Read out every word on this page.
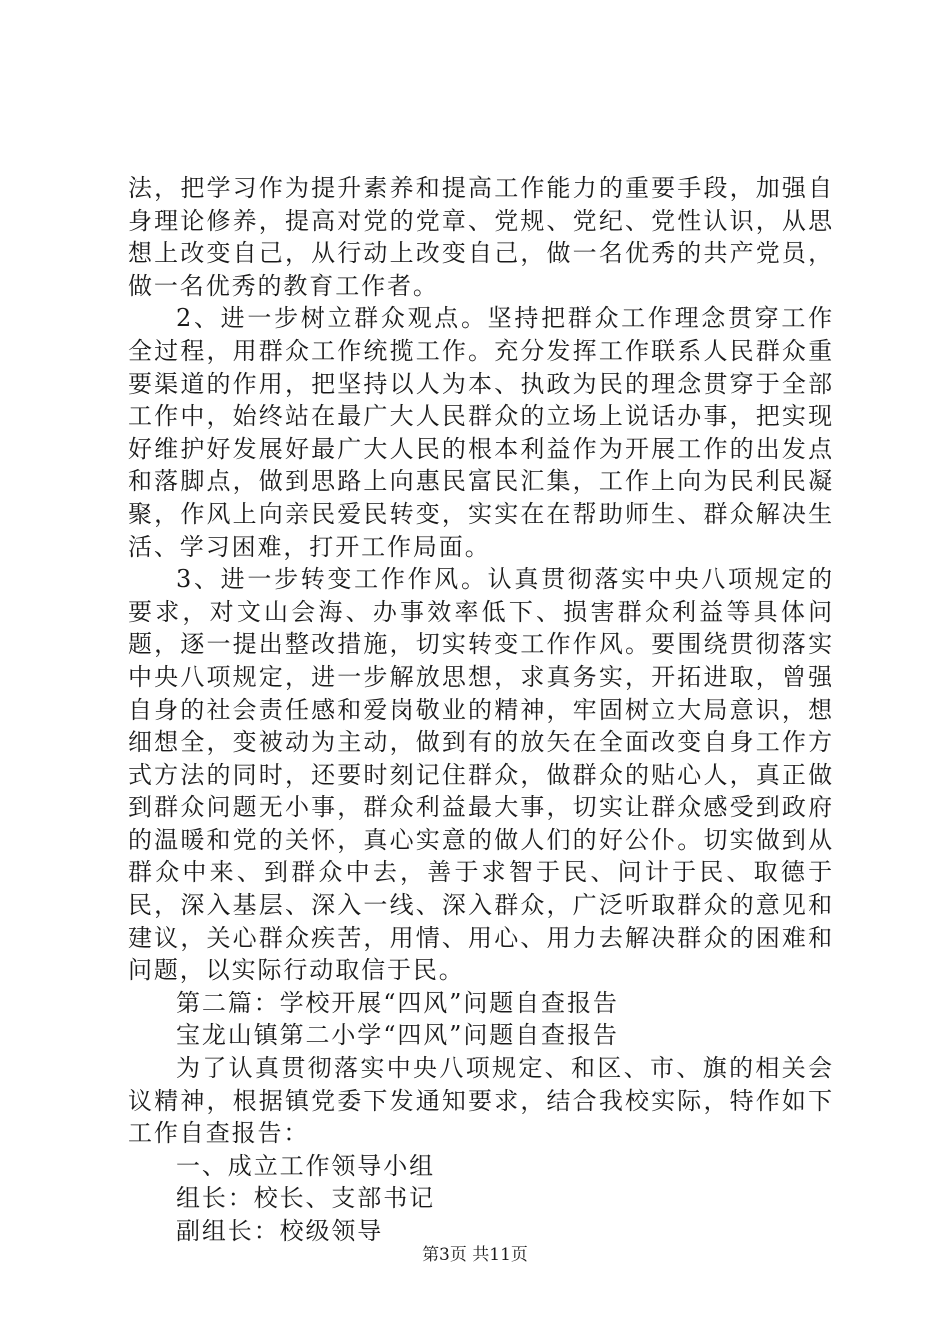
法，把学习作为提升素养和提高工作能力的重要手段，加强自身理论修养，提高对党的党章、党规、党纪、党性认识，从思想上改变自己，从行动上改变自己，做一名优秀的共产党员，做一名优秀的教育工作者。

2、进一步树立群众观点。坚持把群众工作理念贯穿工作全过程，用群众工作统揽工作。充分发挥工作联系人民群众重要渠道的作用，把坚持以人为本、执政为民的理念贯穿于全部工作中，始终站在最广大人民群众的立场上说话办事，把实现好维护好发展好最广大人民的根本利益作为开展工作的出发点和落脚点，做到思路上向惠民富民汇集，工作上向为民利民凝聚，作风上向亲民爱民转变，实实在在帮助师生、群众解决生活、学习困难，打开工作局面。

3、进一步转变工作作风。认真贯彻落实中央八项规定的要求，对文山会海、办事效率低下、损害群众利益等具体问题，逐一提出整改措施，切实转变工作作风。要围绕贯彻落实中央八项规定，进一步解放思想，求真务实，开拓进取，曾强自身的社会责任感和爱岗敬业的精神，牢固树立大局意识，想细想全，变被动为主动，做到有的放矢在全面改变自身工作方式方法的同时，还要时刻记住群众，做群众的贴心人，真正做到群众问题无小事，群众利益最大事，切实让群众感受到政府的温暖和党的关怀，真心实意的做人们的好公仆。切实做到从群众中来、到群众中去，善于求智于民、问计于民、取德于民，深入基层、深入一线、深入群众，广泛听取群众的意见和建议，关心群众疾苦，用情、用心、用力去解决群众的困难和问题，以实际行动取信于民。

第二篇：学校开展“四风”问题自查报告

宝龙山镇第二小学“四风”问题自查报告

为了认真贯彻落实中央八项规定、和区、市、旗的相关会议精神，根据镇党委下发通知要求，结合我校实际，特作如下工作自查报告：

一、成立工作领导小组

组长：校长、支部书记

副组长：校级领导

第3页 共11页
